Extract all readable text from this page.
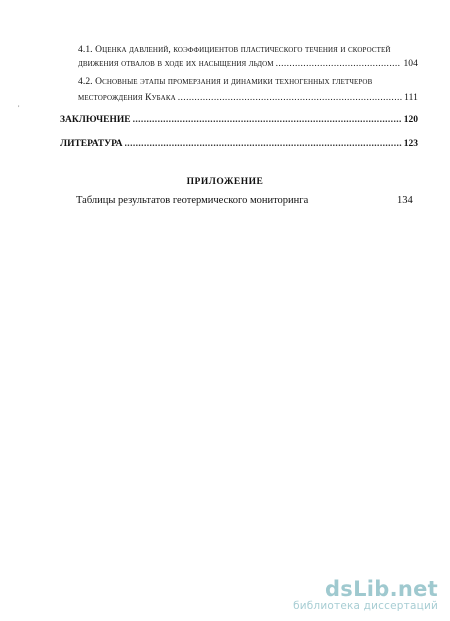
,
4.1. Оценка давлений, коэффициентов пластического течения и скоростей
движения отвалов в ходе их насыщения льдом .....	104
4.2. Основные этапы промерзания и динамики техногенных глетчеров
месторождения Кубака .....	111
ЗАКЛЮЧЕНИЕ .....	120
ЛИТЕРАТУРА .....	123
ПРИЛОЖЕНИЕ
Таблицы результатов геотермического мониторинга	134
dsLib.net
библиотека диссертаций
